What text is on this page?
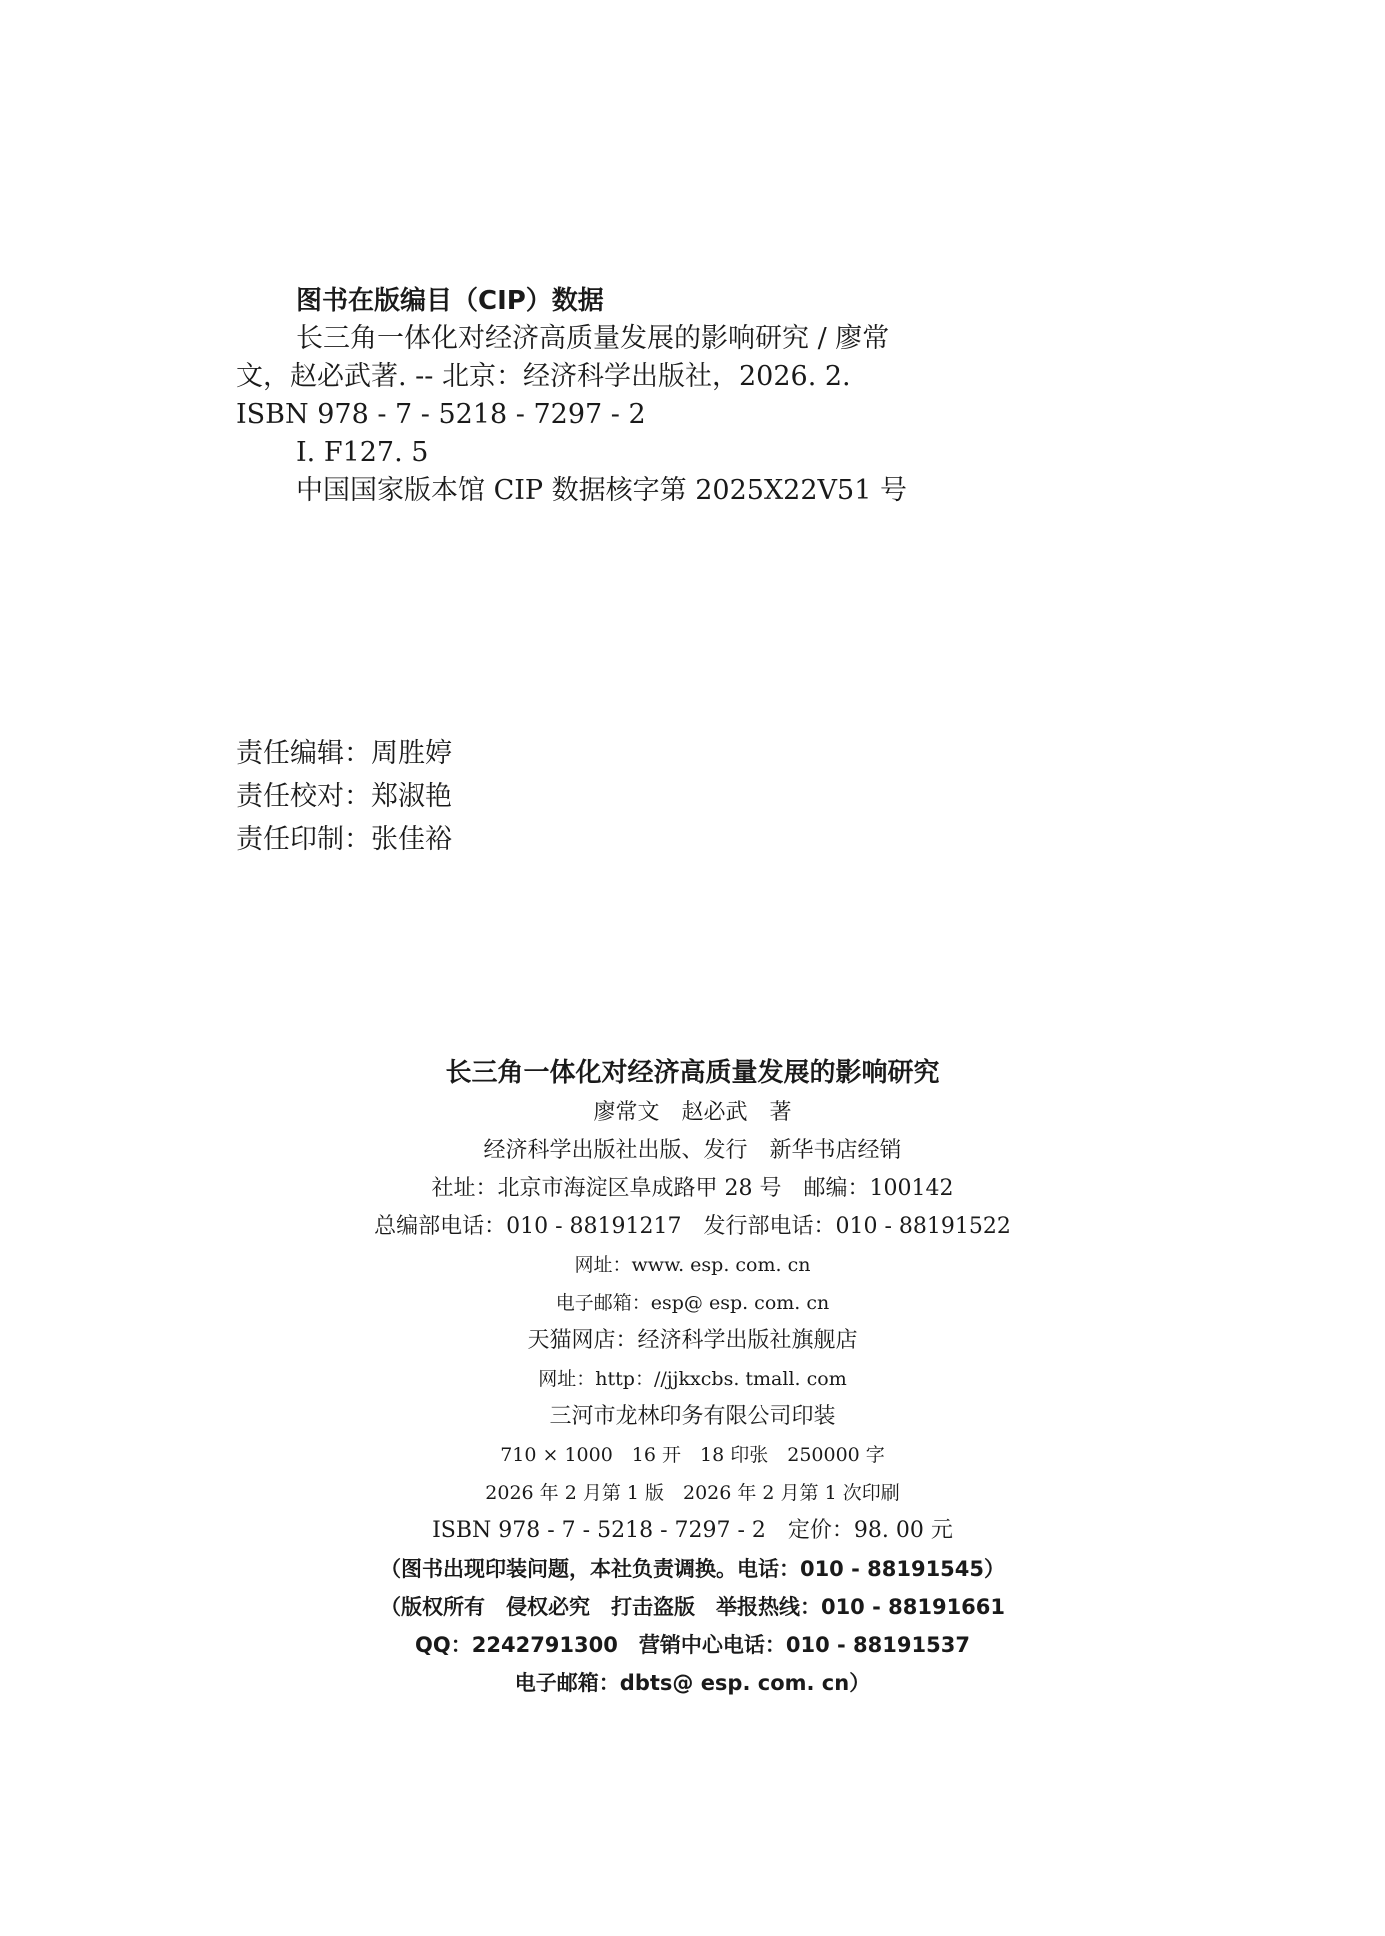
图书在版编目（CIP）数据
长三角一体化对经济高质量发展的影响研究 / 廖常
文，赵必武著. -- 北京：经济科学出版社，2026. 2.
ISBN 978 - 7 - 5218 - 7297 - 2
Ⅰ. F127. 5
中国国家版本馆 CIP 数据核字第 2025X22V51 号
责任编辑：周胜婷
责任校对：郑淑艳
责任印制：张佳裕
长三角一体化对经济高质量发展的影响研究
廖常文　赵必武　著
经济科学出版社出版、发行　新华书店经销
社址：北京市海淀区阜成路甲 28 号　邮编：100142
总编部电话：010 - 88191217　发行部电话：010 - 88191522
网址：www. esp. com. cn
电子邮箱：esp@ esp. com. cn
天猫网店：经济科学出版社旗舰店
网址：http：//jjkxcbs. tmall. com
三河市龙林印务有限公司印装
710 × 1000　16 开　18 印张　250000 字
2026 年 2 月第 1 版　2026 年 2 月第 1 次印刷
ISBN 978 - 7 - 5218 - 7297 - 2　定价：98. 00 元
（图书出现印装问题，本社负责调换。电话：010 - 88191545）
（版权所有　侵权必究　打击盗版　举报热线：010 - 88191661
QQ：2242791300　营销中心电话：010 - 88191537
电子邮箱：dbts@ esp. com. cn）
